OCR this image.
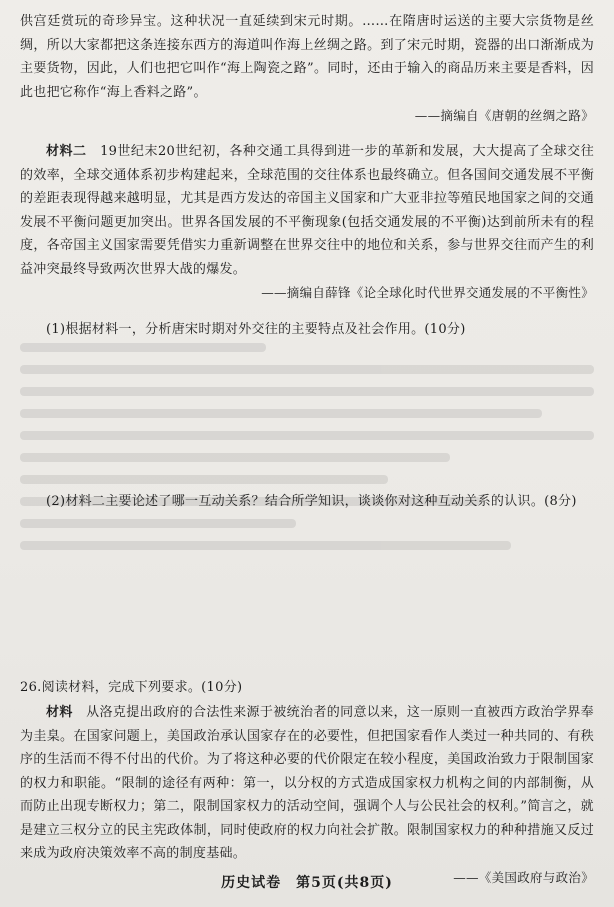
供宫廷赏玩的奇珍异宝。这种状况一直延续到宋元时期。……在隋唐时运送的主要大宗货物是丝绸，所以大家都把这条连接东西方的海道叫作海上丝绸之路。到了宋元时期，瓷器的出口渐渐成为主要货物，因此，人们也把它叫作“海上陶瓷之路”。同时，还由于输入的商品历来主要是香料，因此也把它称作“海上香料之路”。

——摘编自《唐朝的丝绸之路》

材料二　 19世纪末20世纪初，各种交通工具得到进一步的革新和发展，大大提高了全球交往的效率，全球交通体系初步构建起来，全球范围的交往体系也最终确立。但各国间交通发展不平衡的差距表现得越来越明显，尤其是西方发达的帝国主义国家和广大亚非拉等殖民地国家之间的交通发展不平衡问题更加突出。世界各国发展的不平衡现象(包括交通发展的不平衡)达到前所未有的程度，各帝国主义国家需要凭借实力重新调整在世界交往中的地位和关系，参与世界交往而产生的利益冲突最终导致两次世界大战的爆发。

——摘编自薛锋《论全球化时代世界交通发展的不平衡性》

(1)根据材料一，分析唐宋时期对外交往的主要特点及社会作用。(10分)

(2)材料二主要论述了哪一互动关系？结合所学知识，谈谈你对这种互动关系的认识。(8分)

26.阅读材料，完成下列要求。(10分)

材料　 从洛克提出政府的合法性来源于被统治者的同意以来，这一原则一直被西方政治学界奉为圭臬。在国家问题上，美国政治承认国家存在的必要性，但把国家看作人类过一种共同的、有秩序的生活而不得不付出的代价。为了将这种必要的代价限定在较小程度，美国政治致力于限制国家的权力和职能。“限制的途径有两种：第一，以分权的方式造成国家权力机构之间的内部制衡，从而防止出现专断权力；第二，限制国家权力的活动空间，强调个人与公民社会的权利。”简言之，就是建立三权分立的民主宪政体制，同时使政府的权力向社会扩散。限制国家权力的种种措施又反过来成为政府决策效率不高的制度基础。

——《美国政府与政治》

历史试卷　第5页(共8页)
